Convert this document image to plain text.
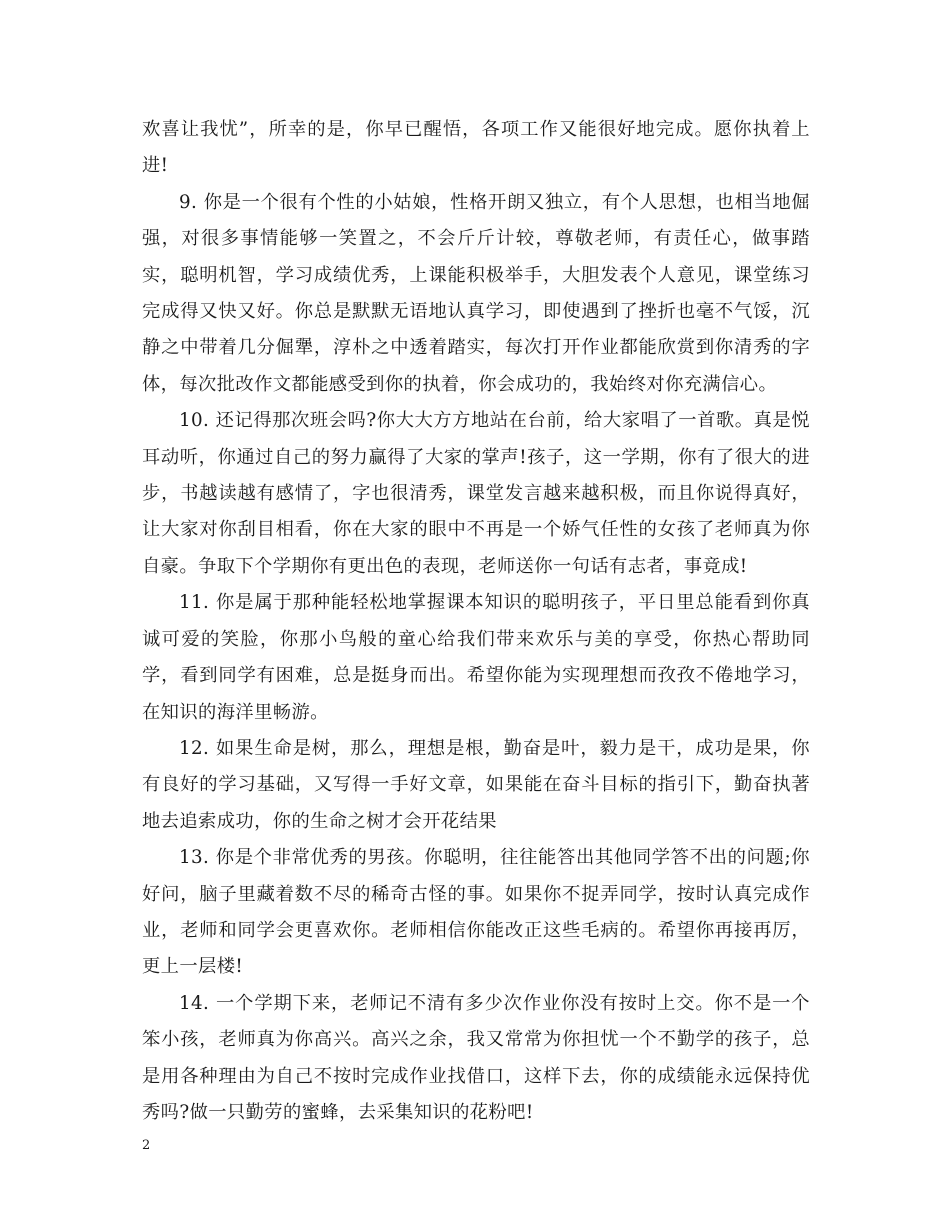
欢喜让我忧”，所幸的是，你早已醒悟，各项工作又能很好地完成。愿你执着上进!

9. 你是一个很有个性的小姑娘，性格开朗又独立，有个人思想，也相当地倔强，对很多事情能够一笑置之，不会斤斤计较，尊敬老师，有责任心，做事踏实，聪明机智，学习成绩优秀，上课能积极举手，大胆发表个人意见，课堂练习完成得又快又好。你总是默默无语地认真学习，即使遇到了挫折也毫不气馁，沉静之中带着几分倔犟，淳朴之中透着踏实，每次打开作业都能欣赏到你清秀的字体，每次批改作文都能感受到你的执着，你会成功的，我始终对你充满信心。

10. 还记得那次班会吗?你大大方方地站在台前，给大家唱了一首歌。真是悦耳动听，你通过自己的努力赢得了大家的掌声!孩子，这一学期，你有了很大的进步，书越读越有感情了，字也很清秀，课堂发言越来越积极，而且你说得真好，让大家对你刮目相看，你在大家的眼中不再是一个娇气任性的女孩了老师真为你自豪。争取下个学期你有更出色的表现，老师送你一句话有志者，事竟成!

11. 你是属于那种能轻松地掌握课本知识的聪明孩子，平日里总能看到你真诚可爱的笑脸，你那小鸟般的童心给我们带来欢乐与美的享受，你热心帮助同学，看到同学有困难，总是挺身而出。希望你能为实现理想而孜孜不倦地学习，在知识的海洋里畅游。

12. 如果生命是树，那么，理想是根，勤奋是叶，毅力是干，成功是果，你有良好的学习基础，又写得一手好文章，如果能在奋斗目标的指引下，勤奋执著地去追索成功，你的生命之树才会开花结果

13. 你是个非常优秀的男孩。你聪明，往往能答出其他同学答不出的问题;你好问，脑子里藏着数不尽的稀奇古怪的事。如果你不捉弄同学，按时认真完成作业，老师和同学会更喜欢你。老师相信你能改正这些毛病的。希望你再接再厉，更上一层楼!

14. 一个学期下来，老师记不清有多少次作业你没有按时上交。你不是一个笨小孩，老师真为你高兴。高兴之余，我又常常为你担忧一个不勤学的孩子，总是用各种理由为自己不按时完成作业找借口，这样下去，你的成绩能永远保持优秀吗?做一只勤劳的蜜蜂，去采集知识的花粉吧!

2
